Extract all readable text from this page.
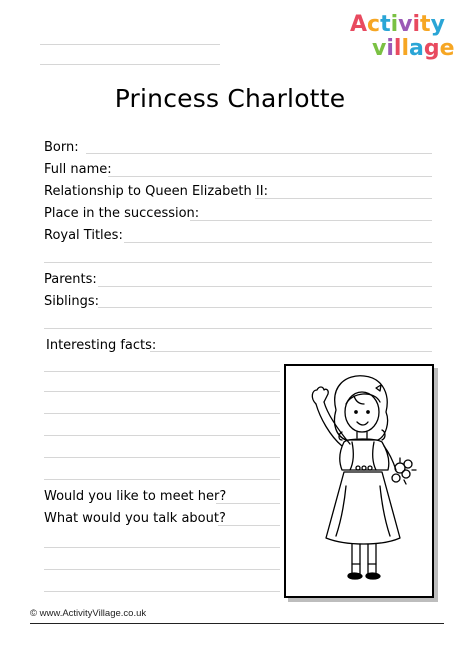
Activity
village
Princess Charlotte
Born:
Full name:
Relationship to Queen Elizabeth II:
Place in the succession:
Royal Titles:
Parents:
Siblings:
Interesting facts:
Would you like to meet her?
What would you talk about?
© www.ActivityVillage.co.uk
